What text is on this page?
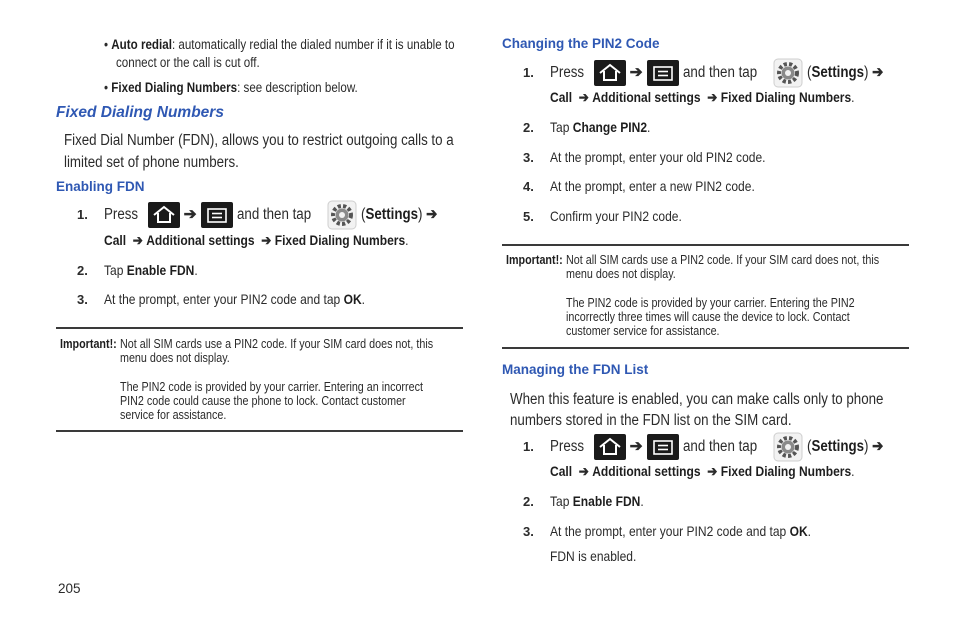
• Auto redial: automatically redial the dialed number if it is unable to
connect or the call is cut off.
• Fixed Dialing Numbers: see description below.
Fixed Dialing Numbers
Fixed Dial Number (FDN), allows you to restrict outgoing calls to a
limited set of phone numbers.
Enabling FDN
1. Press	➔	and then tap	(Settings) ➔
Call ➔ Additional settings ➔ Fixed Dialing Numbers.
2. Tap Enable FDN.
3. At the prompt, enter your PIN2 code and tap OK.
Important!: Not all SIM cards use a PIN2 code. If your SIM card does not, this
menu does not display.
The PIN2 code is provided by your carrier. Entering an incorrect
PIN2 code could cause the phone to lock. Contact customer
service for assistance.
205
Changing the PIN2 Code
1. Press	➔	and then tap	(Settings) ➔
Call ➔ Additional settings ➔ Fixed Dialing Numbers.
2. Tap Change PIN2.
3. At the prompt, enter your old PIN2 code.
4. At the prompt, enter a new PIN2 code.
5. Confirm your PIN2 code.
Important!: Not all SIM cards use a PIN2 code. If your SIM card does not, this
menu does not display.
The PIN2 code is provided by your carrier. Entering the PIN2
incorrectly three times will cause the device to lock. Contact
customer service for assistance.
Managing the FDN List
When this feature is enabled, you can make calls only to phone
numbers stored in the FDN list on the SIM card.
1. Press	➔	and then tap	(Settings) ➔
Call ➔ Additional settings ➔ Fixed Dialing Numbers.
2. Tap Enable FDN.
3. At the prompt, enter your PIN2 code and tap OK.
FDN is enabled.
